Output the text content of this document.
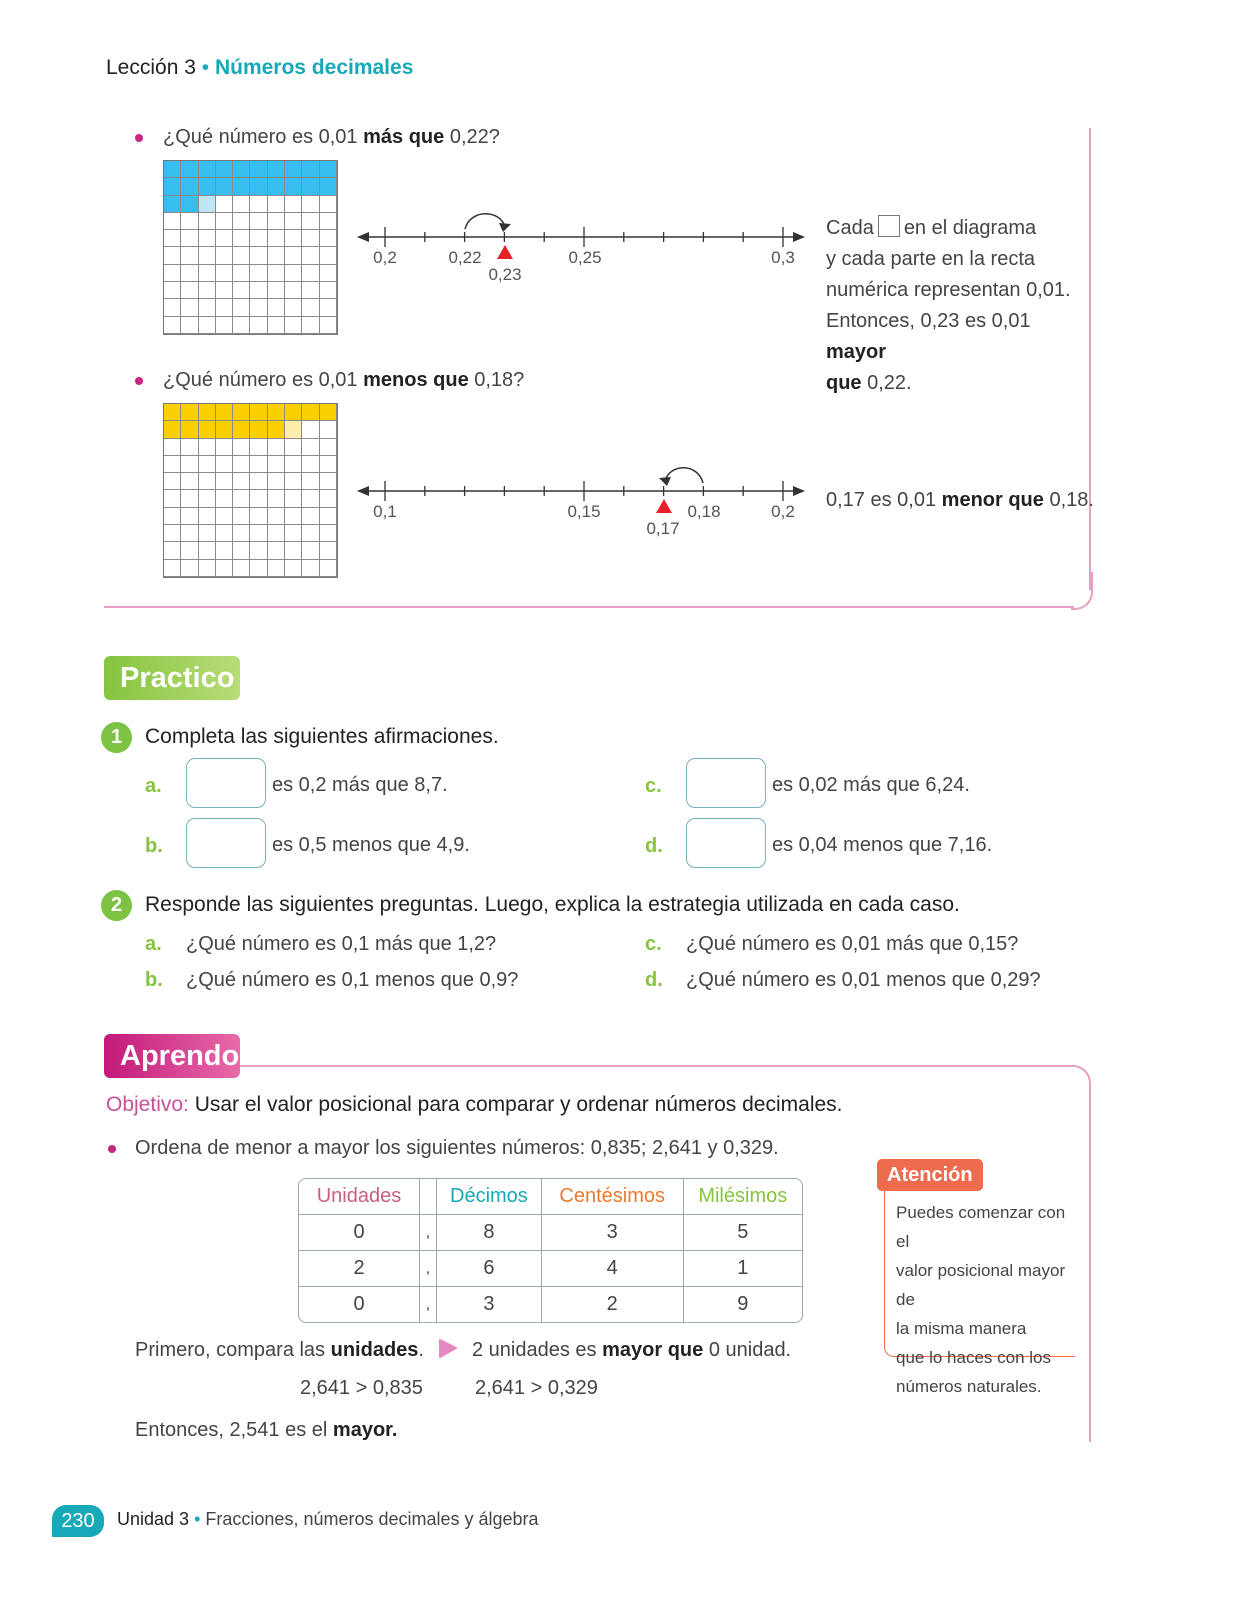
Lección 3 • Números decimales
¿Qué número es 0,01 más que 0,22?
0,2	0,22
0,23
0,25	0,3
Cada en el diagrama
y cada parte en la recta
numérica representan 0,01.
Entonces, 0,23 es 0,01 mayor
que 0,22.
¿Qué número es 0,01 menos que 0,18?
0,1	0,15
0,17
0,18	0,2
0,17 es 0,01 menor que 0,18.
Practico
1	Completa las siguientes afirmaciones.
a.	es 0,2 más que 8,7.
b.	es 0,5 menos que 4,9.
c.	es 0,02 más que 6,24.
d.	es 0,04 menos que 7,16.
2	Responde las siguientes preguntas. Luego, explica la estrategia utilizada en cada caso.
a. ¿Qué número es 0,1 más que 1,2?
b. ¿Qué número es 0,1 menos que 0,9?
c. ¿Qué número es 0,01 más que 0,15?
d. ¿Qué número es 0,01 menos que 0,29?
Aprendo
Objetivo: Usar el valor posicional para comparar y ordenar números decimales.
Ordena de menor a mayor los siguientes números: 0,835; 2,641 y 0,329.
Unidades		Décimos	Centésimos	Milésimos
0	,	8	3	5
2	,	6	4	1
0	,	3	2	9
Atención
Puedes comenzar con el
valor posicional mayor de
la misma manera
que lo haces con los
números naturales.
Primero, compara las unidades. 2 unidades es mayor que 0 unidad.
2,641 > 0,835	2,641 > 0,329
Entonces, 2,541 es el mayor.
230	Unidad 3 • Fracciones, números decimales y álgebra
